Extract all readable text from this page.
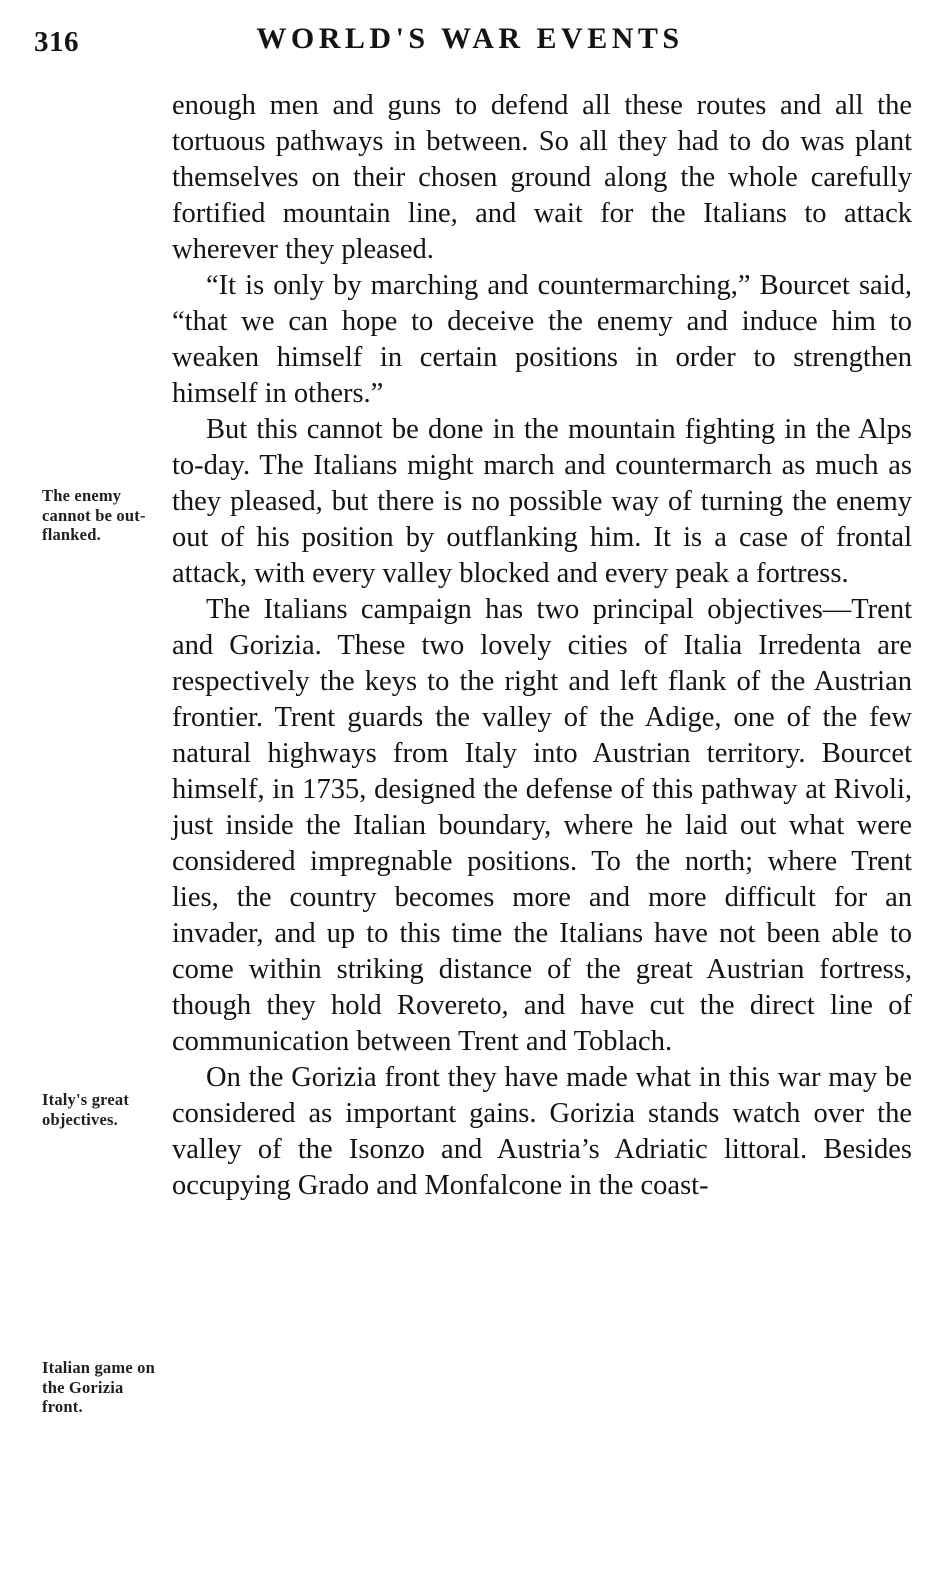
316	WORLD'S WAR EVENTS
The enemy cannot be out-flanked.
Italy's great objectives.
Italian game on the Gorizia front.

enough men and guns to defend all these routes and all the tortuous pathways in between. So all they had to do was plant themselves on their chosen ground along the whole carefully fortified mountain line, and wait for the Italians to attack wherever they pleased.

“It is only by marching and countermarching,” Bourcet said, “that we can hope to deceive the enemy and induce him to weaken himself in certain positions in order to strengthen himself in others.”

But this cannot be done in the mountain fighting in the Alps to-day. The Italians might march and countermarch as much as they pleased, but there is no possible way of turning the enemy out of his position by outflanking him. It is a case of frontal attack, with every valley blocked and every peak a fortress.

The Italians campaign has two principal objectives—Trent and Gorizia. These two lovely cities of Italia Irredenta are respectively the keys to the right and left flank of the Austrian frontier. Trent guards the valley of the Adige, one of the few natural highways from Italy into Austrian territory. Bourcet himself, in 1735, designed the defense of this pathway at Rivoli, just inside the Italian boundary, where he laid out what were considered impregnable positions. To the north; where Trent lies, the country becomes more and more difficult for an invader, and up to this time the Italians have not been able to come within striking distance of the great Austrian fortress, though they hold Rovereto, and have cut the direct line of communication between Trent and Toblach.

On the Gorizia front they have made what in this war may be considered as important gains. Gorizia stands watch over the valley of the Isonzo and Austria’s Adriatic littoral. Besides occupying Grado and Monfalcone in the coast-
